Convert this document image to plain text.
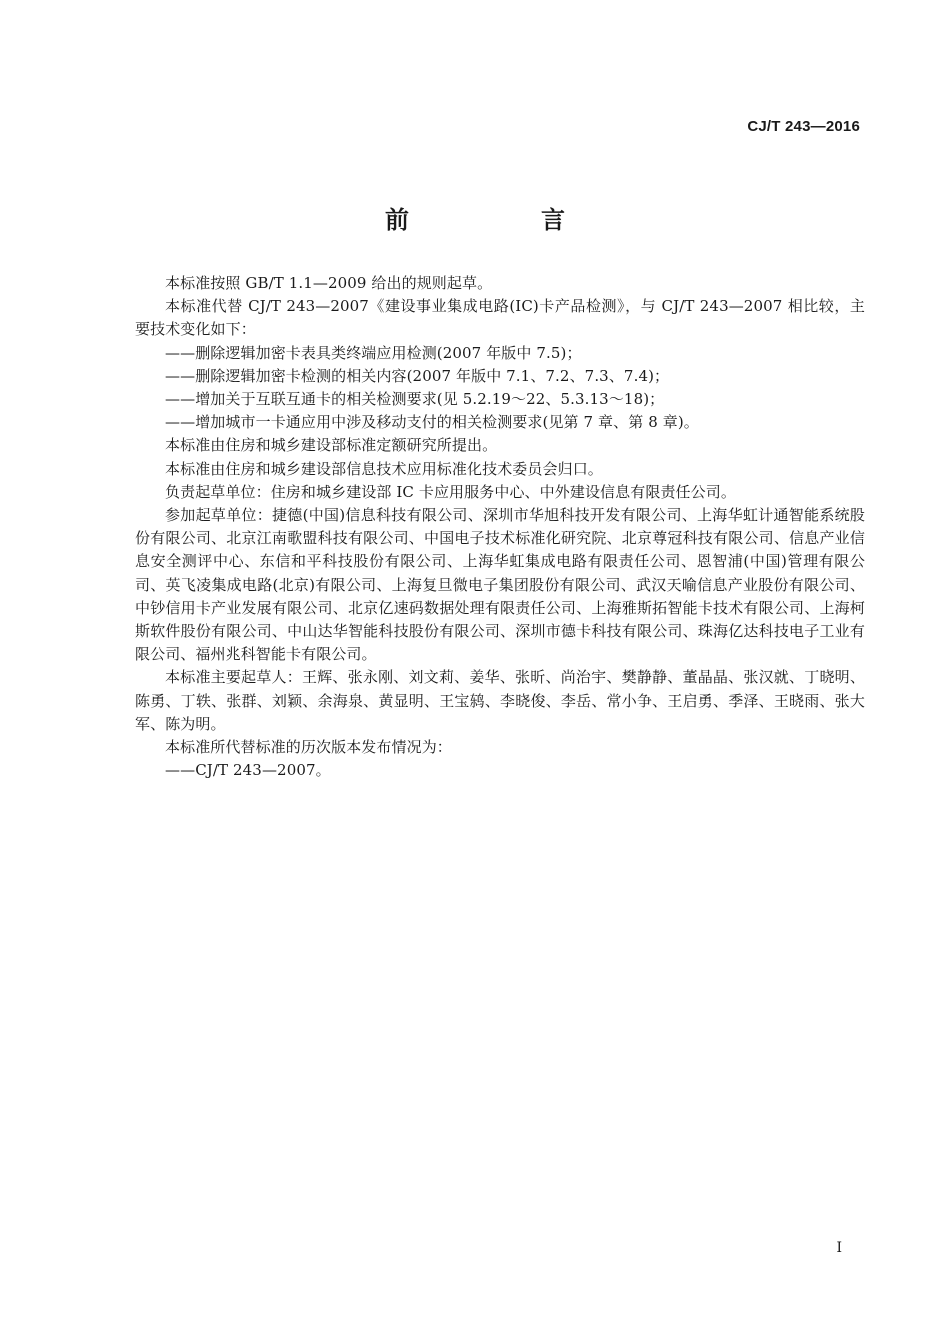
CJ/T 243—2016
前　言

本标准按照 GB/T 1.1—2009 给出的规则起草。

本标准代替 CJ/T 243—2007《建设事业集成电路(IC)卡产品检测》，与 CJ/T 243—2007 相比较，主要技术变化如下：

——删除逻辑加密卡表具类终端应用检测(2007 年版中 7.5)；

——删除逻辑加密卡检测的相关内容(2007 年版中 7.1、7.2、7.3、7.4)；

——增加关于互联互通卡的相关检测要求(见 5.2.19～22、5.3.13～18)；

——增加城市一卡通应用中涉及移动支付的相关检测要求(见第 7 章、第 8 章)。

本标准由住房和城乡建设部标准定额研究所提出。

本标准由住房和城乡建设部信息技术应用标准化技术委员会归口。

负责起草单位：住房和城乡建设部 IC 卡应用服务中心、中外建设信息有限责任公司。

参加起草单位：捷德(中国)信息科技有限公司、深圳市华旭科技开发有限公司、上海华虹计通智能系统股份有限公司、北京江南歌盟科技有限公司、中国电子技术标准化研究院、北京尊冠科技有限公司、信息产业信息安全测评中心、东信和平科技股份有限公司、上海华虹集成电路有限责任公司、恩智浦(中国)管理有限公司、英飞凌集成电路(北京)有限公司、上海复旦微电子集团股份有限公司、武汉天喻信息产业股份有限公司、中钞信用卡产业发展有限公司、北京亿速码数据处理有限责任公司、上海雅斯拓智能卡技术有限公司、上海柯斯软件股份有限公司、中山达华智能科技股份有限公司、深圳市德卡科技有限公司、珠海亿达科技电子工业有限公司、福州兆科智能卡有限公司。

本标准主要起草人：王辉、张永刚、刘文莉、姜华、张昕、尚治宇、樊静静、董晶晶、张汉就、丁晓明、陈勇、丁轶、张群、刘颖、余海泉、黄显明、王宝鸫、李晓俊、李岳、常小争、王启勇、季泽、王晓雨、张大军、陈为明。

本标准所代替标准的历次版本发布情况为：

——CJ/T 243—2007。

I
